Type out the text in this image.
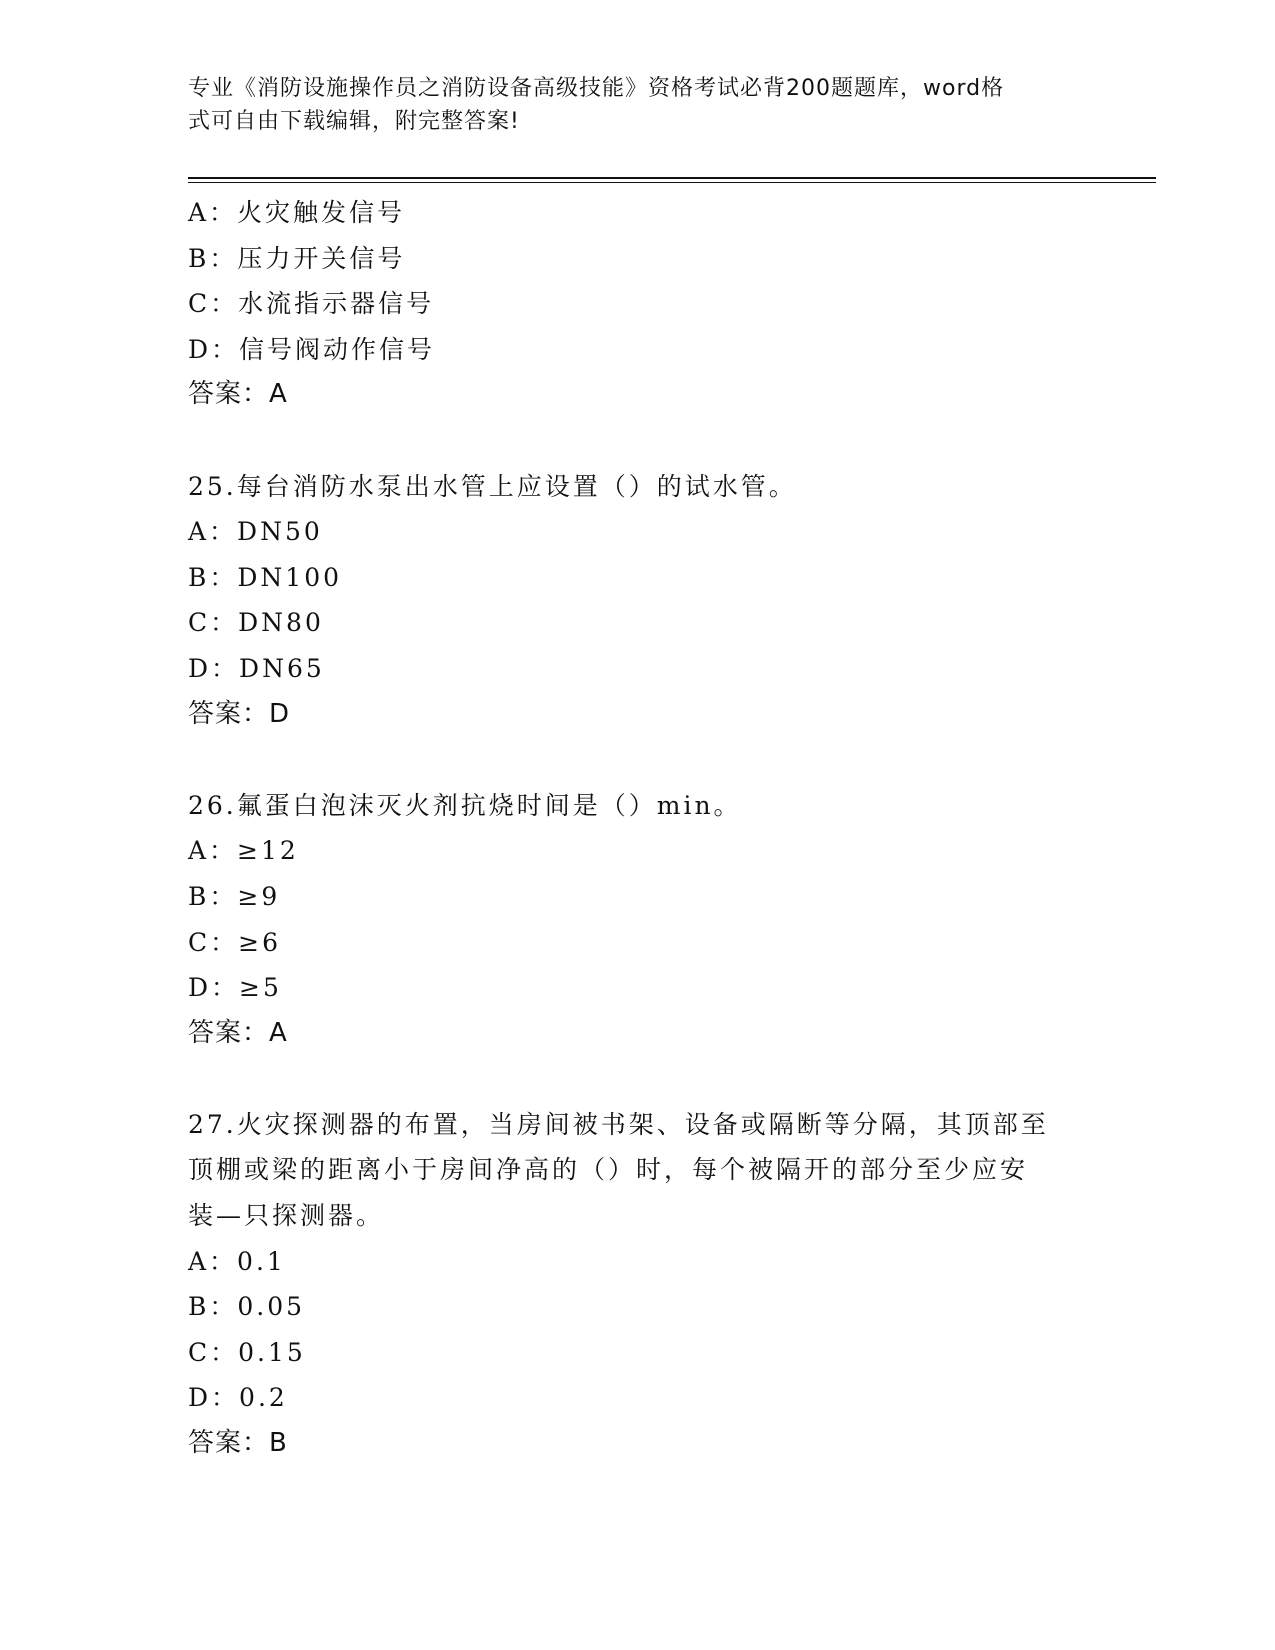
专业《消防设施操作员之消防设备高级技能》资格考试必背200题题库，word格
式可自由下载编辑，附完整答案!
A：火灾触发信号
B：压力开关信号
C：水流指示器信号
D：信号阀动作信号
答案：A
25.每台消防水泵出水管上应设置（）的试水管。
A：DN50
B：DN100
C：DN80
D：DN65
答案：D
26.氟蛋白泡沫灭火剂抗烧时间是（）min。
A：≥12
B：≥9
C：≥6
D：≥5
答案：A
27.火灾探测器的布置，当房间被书架、设备或隔断等分隔，其顶部至
顶棚或梁的距离小于房间净高的（）时，每个被隔开的部分至少应安
装—只探测器。
A：0.1
B：0.05
C：0.15
D：0.2
答案：B
